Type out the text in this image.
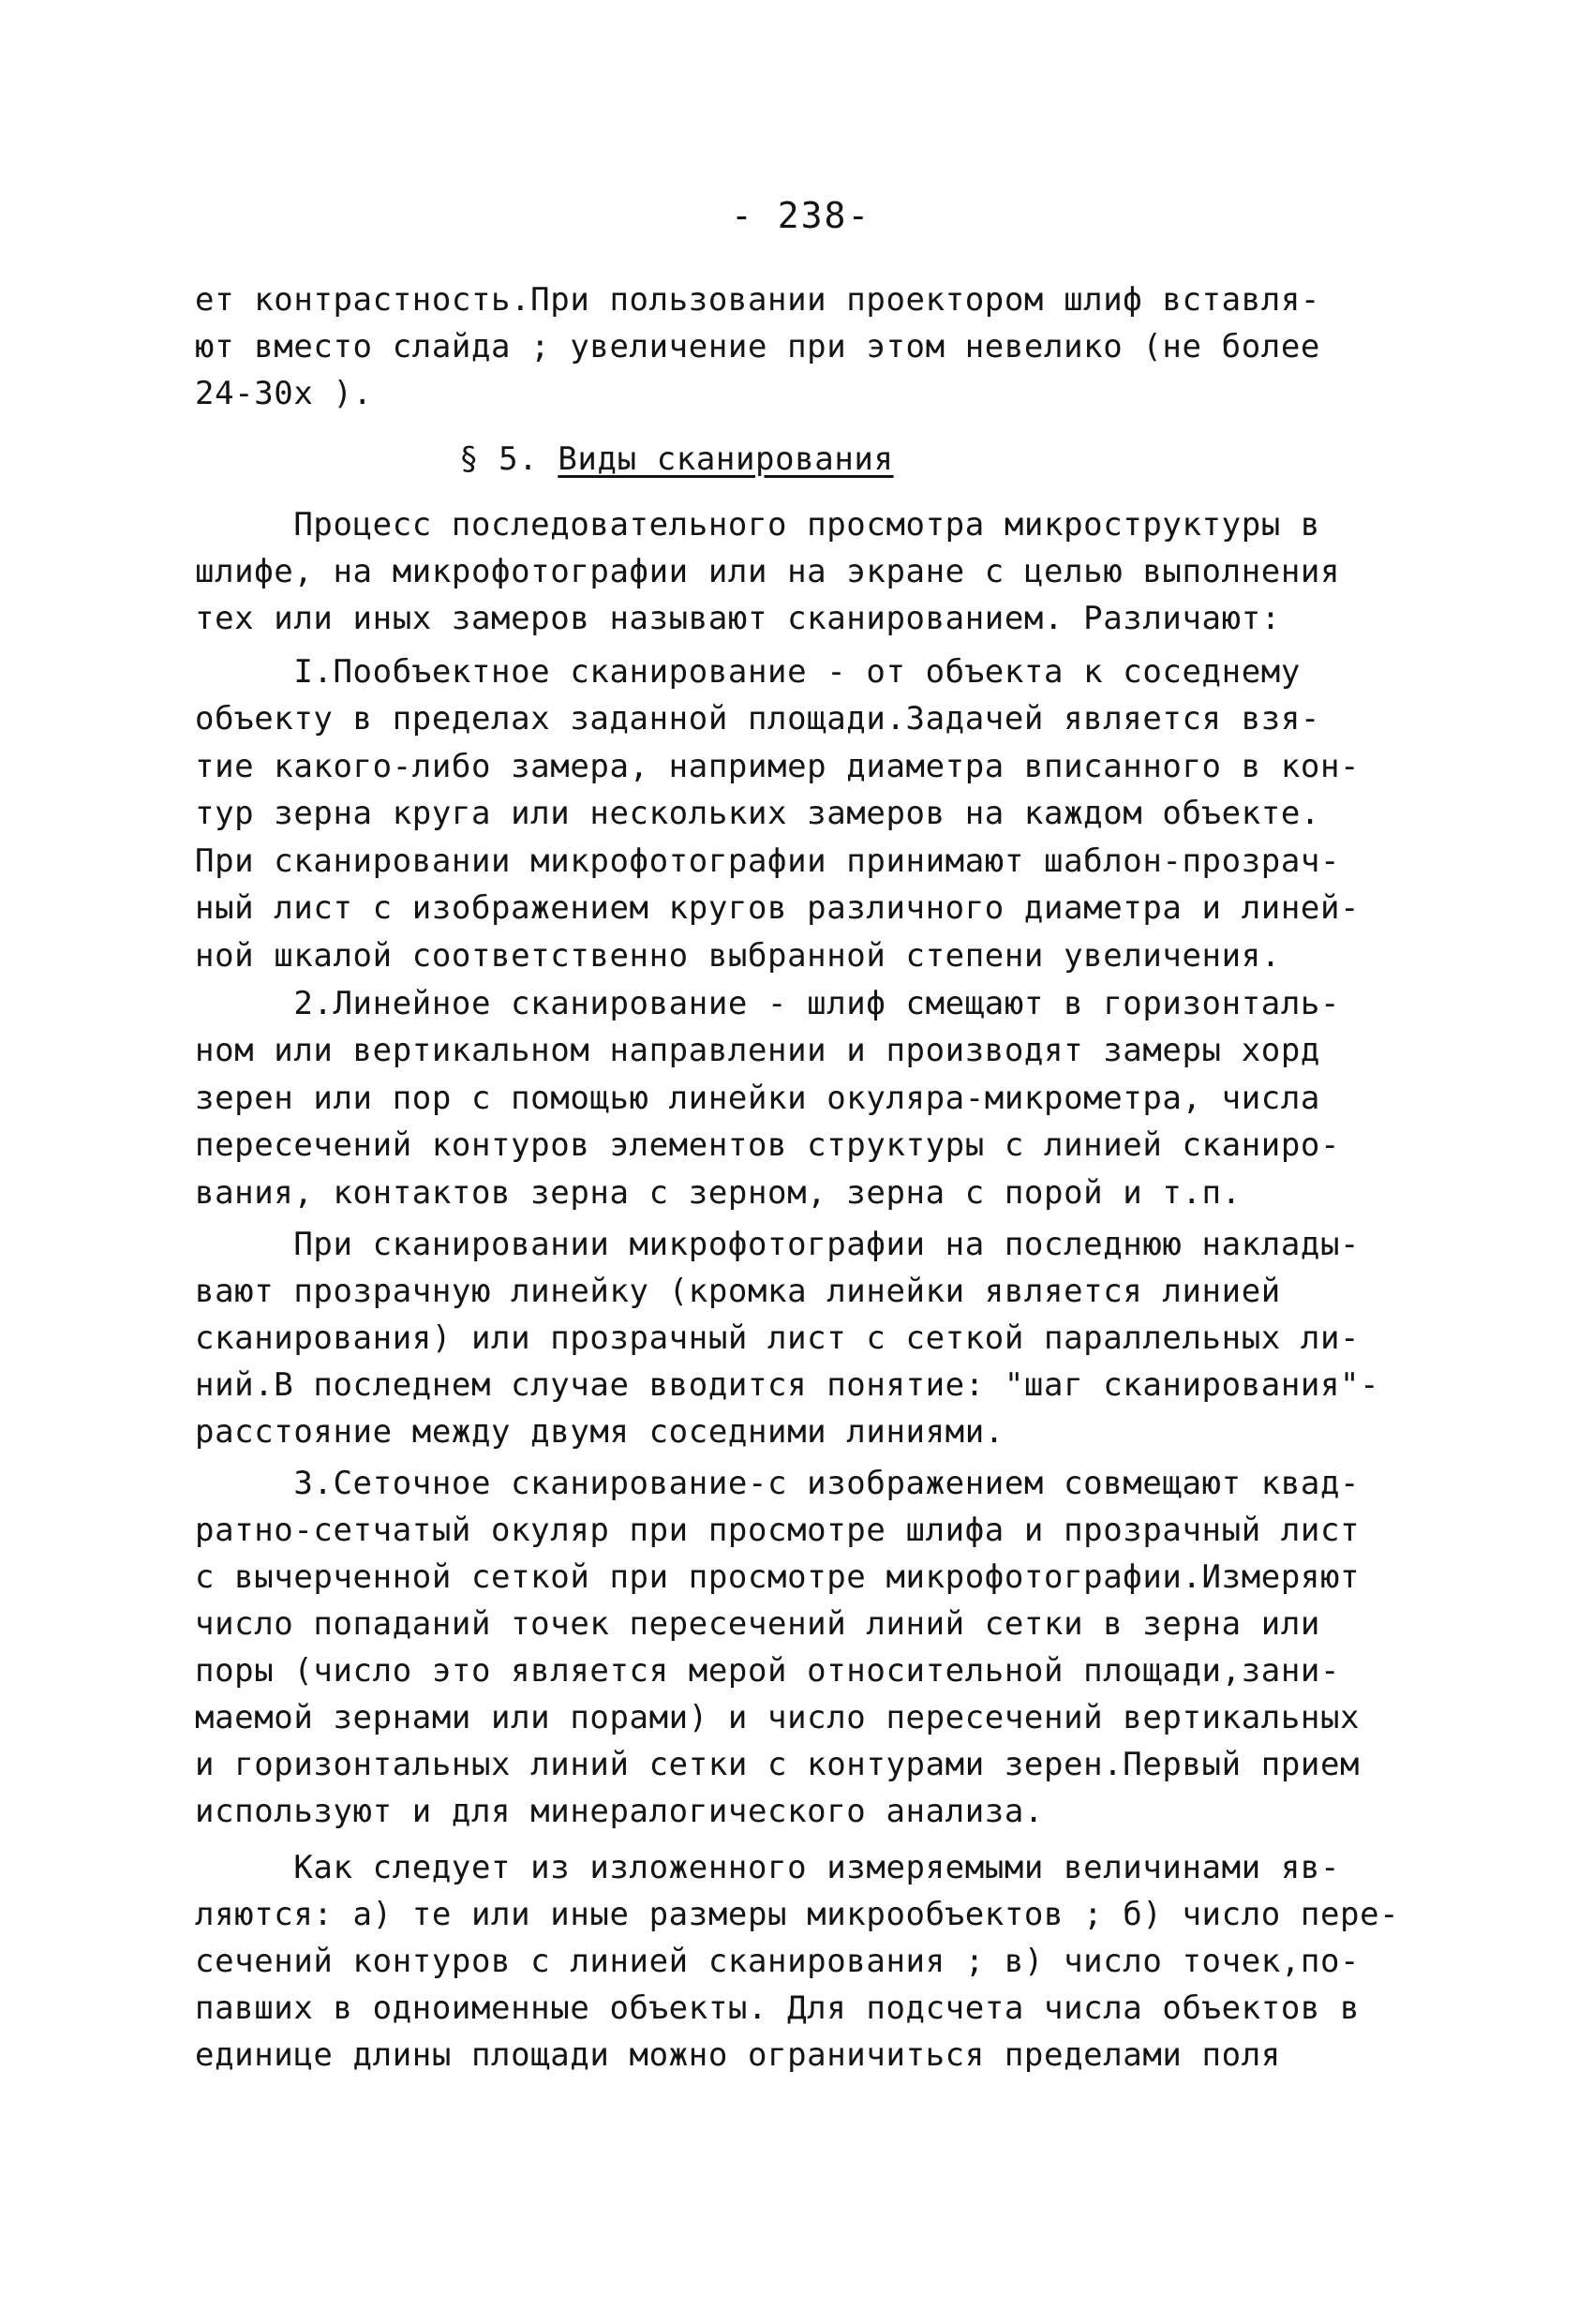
- 238-
ет контрастность.При пользовании проектором шлиф вставля-
ют вместо слайда ; увеличение при этом невелико (не более
24-30х ).
§ 5. Виды сканирования
Процесс последовательного просмотра микроструктуры в
шлифе, на микрофотографии или на экране с целью выполнения
тех или иных замеров называют сканированием. Различают:
I.Пообъектное сканирование - от объекта к соседнему
объекту в пределах заданной площади.Задачей является взя-
тие какого-либо замера, например диаметра вписанного в кон-
тур зерна круга или нескольких замеров на каждом объекте.
При сканировании микрофотографии принимают шаблон-прозрач-
ный лист с изображением кругов различного диаметра и линей-
ной шкалой соответственно выбранной степени увеличения.
2.Линейное сканирование - шлиф смещают в горизонталь-
ном или вертикальном направлении и производят замеры хорд
зерен или пор с помощью линейки окуляра-микрометра, числа
пересечений контуров элементов структуры с линией сканиро-
вания, контактов зерна с зерном, зерна с порой и т.п.
При сканировании микрофотографии на последнюю наклады-
вают прозрачную линейку (кромка линейки является линией
сканирования) или прозрачный лист с сеткой параллельных ли-
ний.В последнем случае вводится понятие: "шаг сканирования"-
расстояние между двумя соседними линиями.
3.Сеточное сканирование-с изображением совмещают квад-
ратно-сетчатый окуляр при просмотре шлифа и прозрачный лист
с вычерченной сеткой при просмотре микрофотографии.Измеряют
число попаданий точек пересечений линий сетки в зерна или
поры (число это является мерой относительной площади,зани-
маемой зернами или порами) и число пересечений вертикальных
и горизонтальных линий сетки с контурами зерен.Первый прием
используют и для минералогического анализа.
Как следует из изложенного измеряемыми величинами яв-
ляются: а) те или иные размеры микрообъектов ; б) число пере-
сечений контуров с линией сканирования ; в) число точек,по-
павших в одноименные объекты. Для подсчета числа объектов в
единице длины площади можно ограничиться пределами поля
